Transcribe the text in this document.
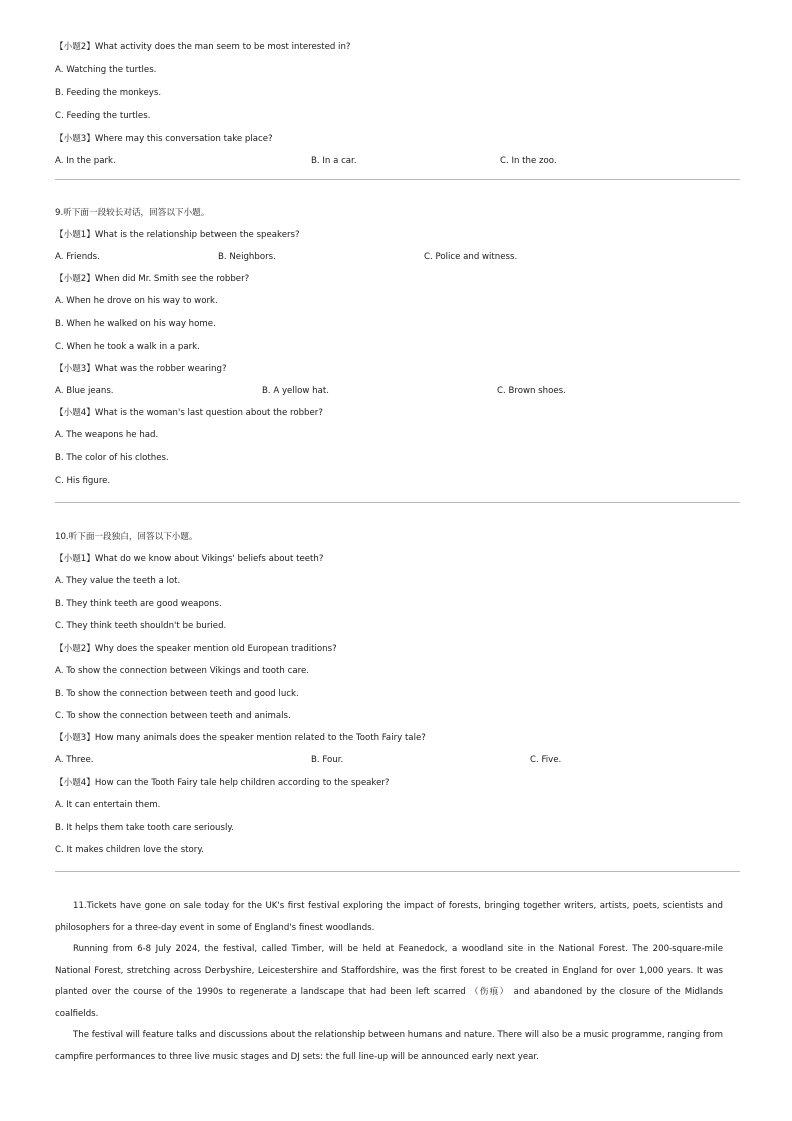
【小题2】What activity does the man seem to be most interested in?
A. Watching the turtles.
B. Feeding the monkeys.
C. Feeding the turtles.
【小题3】Where may this conversation take place?
A. In the park.	B. In a car.	C. In the zoo.
9.听下面一段较长对话，回答以下小题。
【小题1】What is the relationship between the speakers?
A. Friends.	B. Neighbors.	C. Police and witness.
【小题2】When did Mr. Smith see the robber?
A. When he drove on his way to work.
B. When he walked on his way home.
C. When he took a walk in a park.
【小题3】What was the robber wearing?
A. Blue jeans.	B. A yellow hat.	C. Brown shoes.
【小题4】What is the woman's last question about the robber?
A. The weapons he had.
B. The color of his clothes.
C. His figure.
10.听下面一段独白，回答以下小题。
【小题1】What do we know about Vikings' beliefs about teeth?
A. They value the teeth a lot.
B. They think teeth are good weapons.
C. They think teeth shouldn't be buried.
【小题2】Why does the speaker mention old European traditions?
A. To show the connection between Vikings and tooth care.
B. To show the connection between teeth and good luck.
C. To show the connection between teeth and animals.
【小题3】How many animals does the speaker mention related to the Tooth Fairy tale?
A. Three.	B. Four.	C. Five.
【小题4】How can the Tooth Fairy tale help children according to the speaker?
A. It can entertain them.
B. It helps them take tooth care seriously.
C. It makes children love the story.

11.Tickets have gone on sale today for the UK's first festival exploring the impact of forests, bringing together writers, artists, poets, scientists and philosophers for a three-day event in some of England's finest woodlands.

Running from 6-8 July 2024, the festival, called Timber, will be held at Feanedock, a woodland site in the National Forest. The 200-square-mile National Forest, stretching across Derbyshire, Leicestershire and Staffordshire, was the first forest to be created in England for over 1,000 years. It was planted over the course of the 1990s to regenerate a landscape that had been left scarred （伤痕） and abandoned by the closure of the Midlands coalfields.

The festival will feature talks and discussions about the relationship between humans and nature. There will also be a music programme, ranging from campfire performances to three live music stages and DJ sets: the full line-up will be announced early next year.
